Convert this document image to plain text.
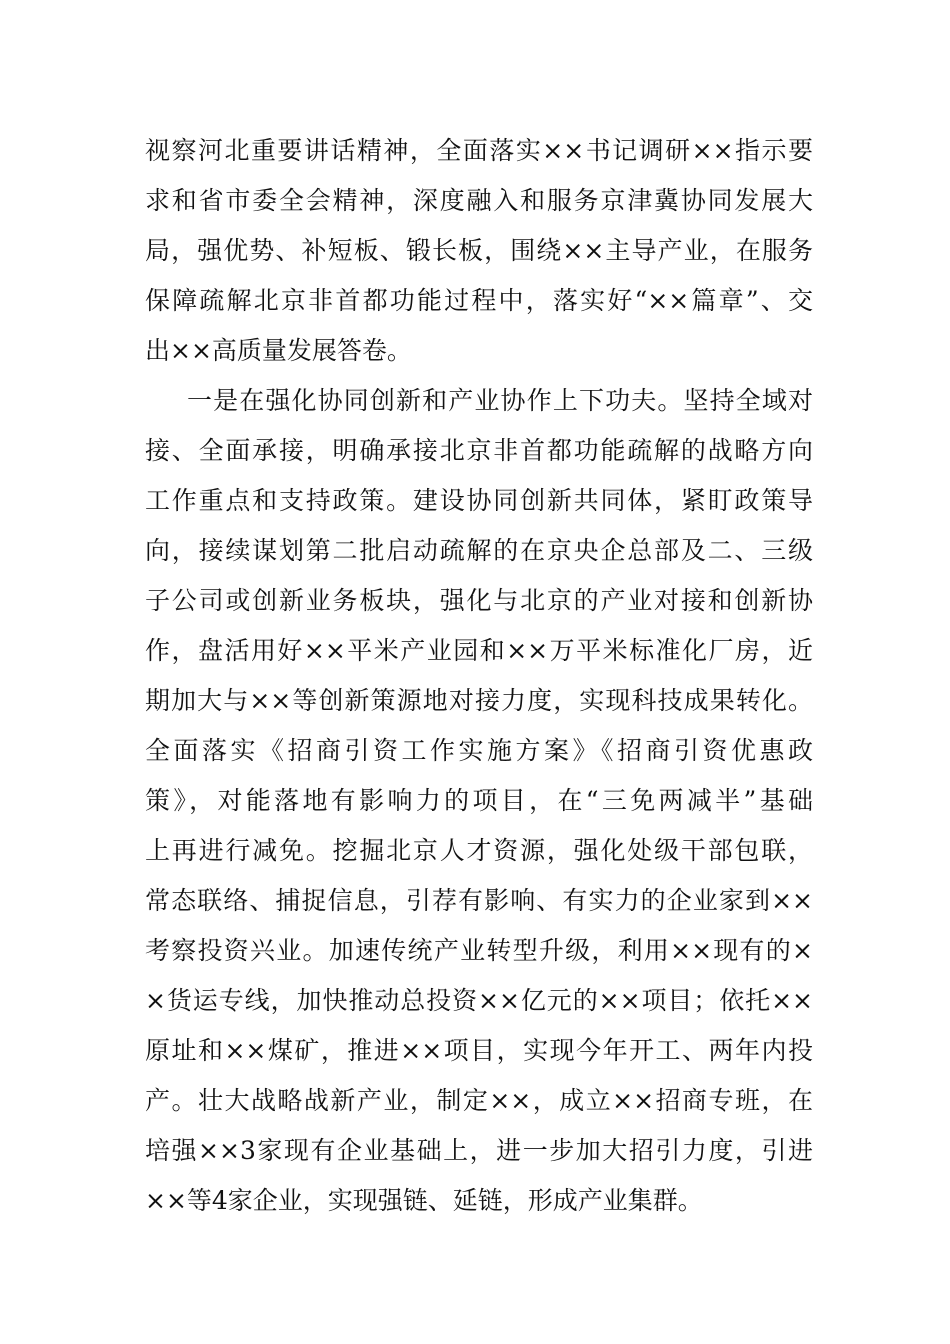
视察河北重要讲话精神，全面落实××书记调研××指示要
求和省市委全会精神，深度融入和服务京津冀协同发展大
局，强优势、补短板、锻长板，围绕××主导产业，在服务
保障疏解北京非首都功能过程中，落实好“××篇章”、交
出××高质量发展答卷。
一是在强化协同创新和产业协作上下功夫。坚持全域对
接、全面承接，明确承接北京非首都功能疏解的战略方向
工作重点和支持政策。建设协同创新共同体，紧盯政策导
向，接续谋划第二批启动疏解的在京央企总部及二、三级
子公司或创新业务板块，强化与北京的产业对接和创新协
作，盘活用好××平米产业园和××万平米标准化厂房，近
期加大与××等创新策源地对接力度，实现科技成果转化。
全面落实《招商引资工作实施方案》《招商引资优惠政
策》，对能落地有影响力的项目，在“三免两减半”基础
上再进行减免。挖掘北京人才资源，强化处级干部包联，
常态联络、捕捉信息，引荐有影响、有实力的企业家到××
考察投资兴业。加速传统产业转型升级，利用××现有的×
×货运专线，加快推动总投资××亿元的××项目；依托××
原址和××煤矿，推进××项目，实现今年开工、两年内投
产。壮大战略战新产业，制定××，成立××招商专班，在
培强××3家现有企业基础上，进一步加大招引力度，引进
××等4家企业，实现强链、延链，形成产业集群。
